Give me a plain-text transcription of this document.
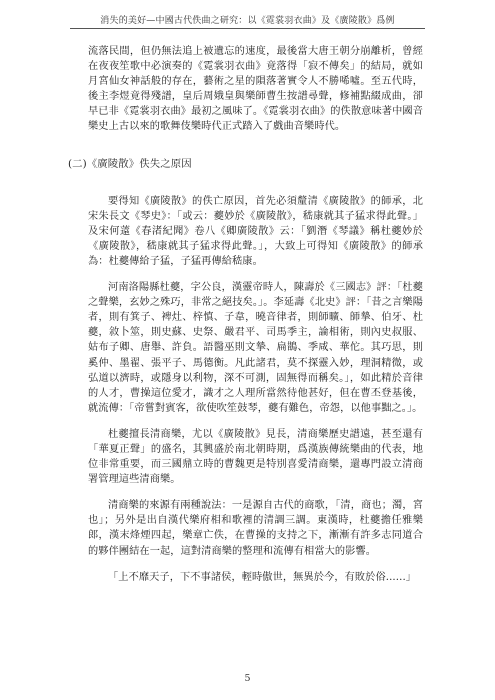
消失的美好—中國古代佚曲之研究：以《霓裳羽衣曲》及《廣陵散》爲例

流落民間，但仍無法追上被遺忘的速度，最後當大唐王朝分崩離析，曾經在夜夜笙歌中必演奏的《霓裳羽衣曲》竟落得「寂不傳矣」的結局，就如月宮仙女神話般的存在，藝術之星的隕落著實令人不勝唏噓。至五代時，後主李煜竟得殘譜，皇后周娥皇與樂師曹生按譜尋聲，修補點綴成曲，卻早已非《霓裳羽衣曲》最初之風味了。《霓裳羽衣曲》的佚散意味著中國音樂史上古以來的歌舞伎樂時代正式踏入了戲曲音樂時代。

(二)《廣陵散》佚失之原因

要得知《廣陵散》的佚亡原因，首先必須釐清《廣陵散》的師承，北宋朱長文《琴史》：「或云：夔妙於《廣陵散》，嵇康就其子猛求得此聲。」及宋何薳《春渚紀聞》卷八《卿廣陵散》云：「劉潛《琴議》稱杜夔妙於《廣陵散》，嵇康就其子猛求得此聲。」，大致上可得知《廣陵散》的師承為：杜夔傳給子猛，子猛再傳給嵇康。

河南洛陽縣杜夔，字公良，漢靈帝時人，陳壽於《三國志》評：「杜夔之聲樂，玄妙之殊巧，非常之絕技矣。」。李延壽《北史》評：「昔之言樂陽者，則有箕子、裨灶、梓慎、子韋，曉音律者，則師曠、師摯、伯牙、杜夔，敘卜筮，則史蘇、史祭、嚴君平、司馬季主，論相術，則內史叔服、姑布子卿、唐舉、許負。語醫巫則文摯、扁鵲、季咸、華佗。其巧思，則奚仲、墨翟、張平子、馬德衡。凡此諸君，莫不探靈入妙，理洞精微，或弘道以濟時，或隱身以利物，深不可測，固無得而稱矣。」，如此精於音律的人才，曹操這位愛才，識才之人理所當然待他甚好，但在曹丕登基後，就流傳：「帝嘗對賓客，欲使吹笙鼓琴，夔有難色，帝怨，以他事黜之。」。

杜夔擅長清商樂，尤以《廣陵散》見長，清商樂歷史譜遠，甚至還有「華夏正聲」的盛名，其興盛於南北朝時期，爲漢族傳統樂曲的代表，地位非常重要，而三國鼎立時的曹魏更是特別喜愛清商樂，還專門設立清商署管理這些清商樂。

清商樂的來源有兩種說法：一是源自古代的商歌，「清，商也；濁，宮也」；另外是出自漢代樂府相和歌裡的清調三調。東漢時，杜夔擔任雅樂郎，漢末烽煙四起，樂章亡佚，在曹操的支持之下，漸漸有許多志同道合的夥伴團結在一起，這對清商樂的整理和流傳有相當大的影響。

「上不靡天子，下不事諸侯，輕時傲世，無異於今，有敗於俗......」

5
